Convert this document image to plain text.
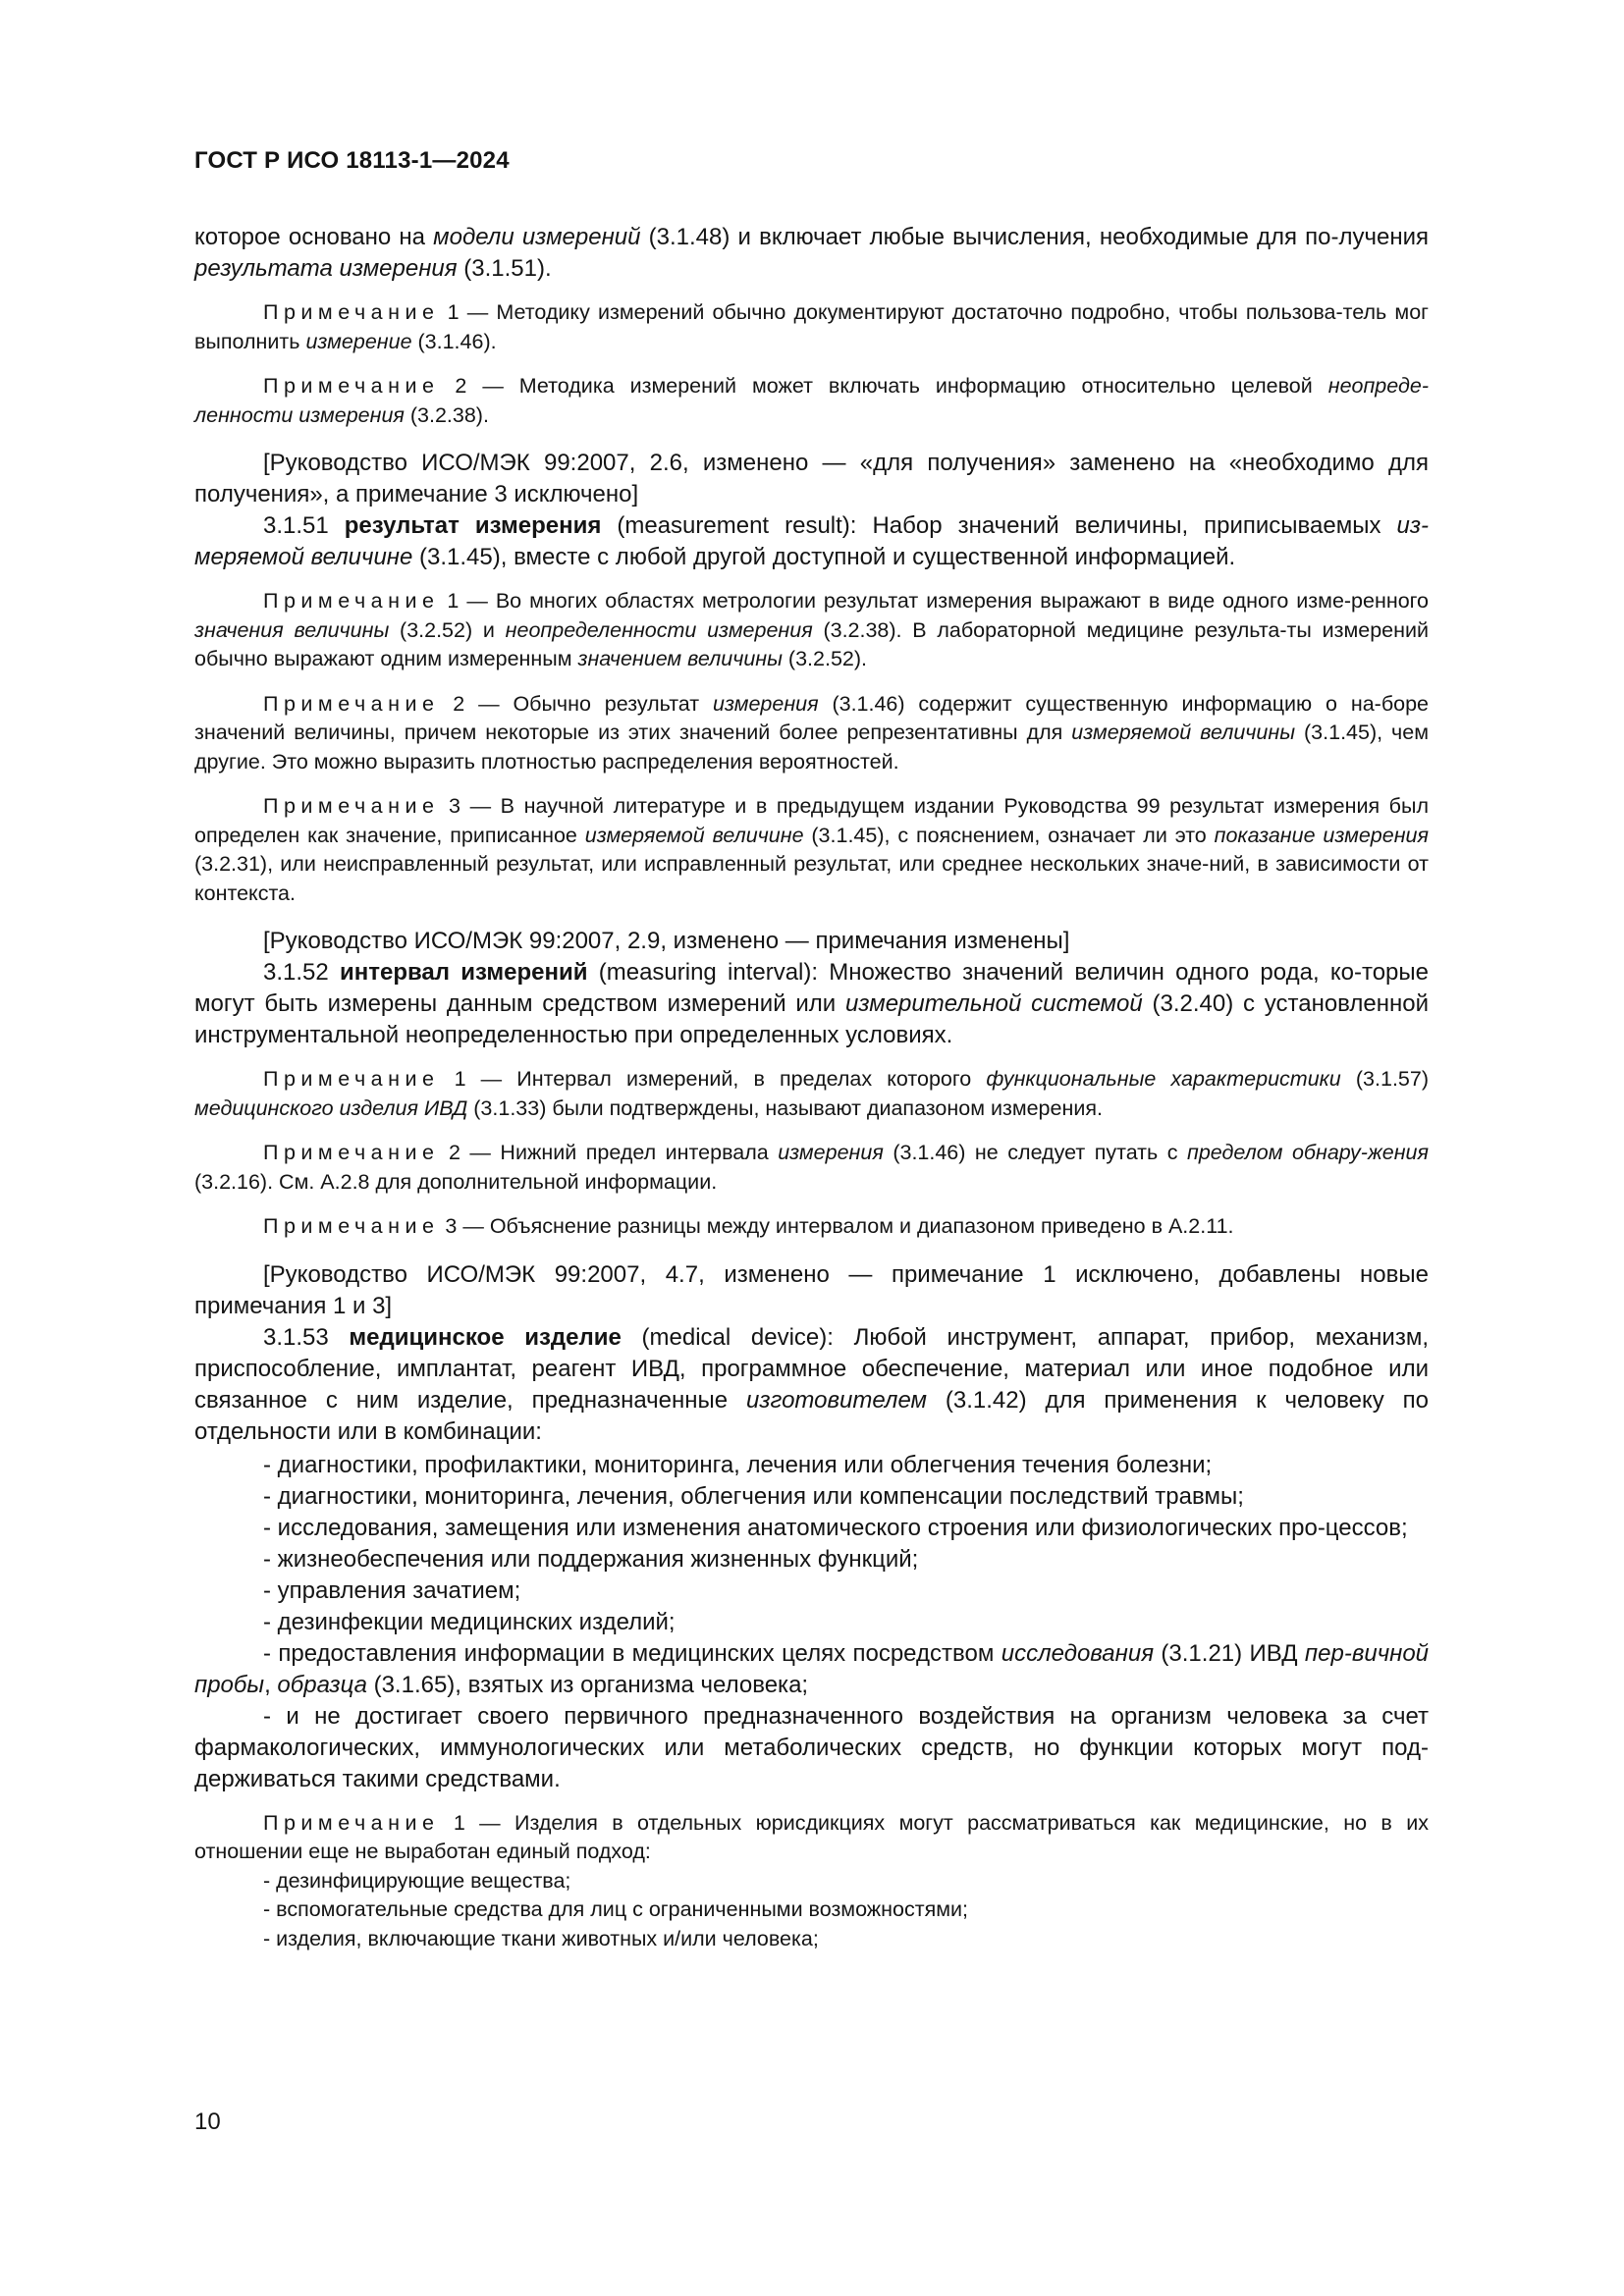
ГОСТ Р ИСО 18113-1—2024

которое основано на модели измерений (3.1.48) и включает любые вычисления, необходимые для по-лучения результата измерения (3.1.51).

Примечание 1 — Методику измерений обычно документируют достаточно подробно, чтобы пользова-тель мог выполнить измерение (3.1.46).

Примечание 2 — Методика измерений может включать информацию относительно целевой неопреде-ленности измерения (3.2.38).

[Руководство ИСО/МЭК 99:2007, 2.6, изменено — «для получения» заменено на «необходимо для получения», а примечание 3 исключено]

3.1.51 результат измерения (measurement result): Набор значений величины, приписываемых из-меряемой величине (3.1.45), вместе с любой другой доступной и существенной информацией.

Примечание 1 — Во многих областях метрологии результат измерения выражают в виде одного изме-ренного значения величины (3.2.52) и неопределенности измерения (3.2.38). В лабораторной медицине результа-ты измерений обычно выражают одним измеренным значением величины (3.2.52).

Примечание 2 — Обычно результат измерения (3.1.46) содержит существенную информацию о на-боре значений величины, причем некоторые из этих значений более репрезентативны для измеряемой величины (3.1.45), чем другие. Это можно выразить плотностью распределения вероятностей.

Примечание 3 — В научной литературе и в предыдущем издании Руководства 99 результат измерения был определен как значение, приписанное измеряемой величине (3.1.45), с пояснением, означает ли это показание измерения (3.2.31), или неисправленный результат, или исправленный результат, или среднее нескольких значе-ний, в зависимости от контекста.

[Руководство ИСО/МЭК 99:2007, 2.9, изменено — примечания изменены]

3.1.52 интервал измерений (measuring interval): Множество значений величин одного рода, ко-торые могут быть измерены данным средством измерений или измерительной системой (3.2.40) с установленной инструментальной неопределенностью при определенных условиях.

Примечание 1 — Интервал измерений, в пределах которого функциональные характеристики (3.1.57) медицинского изделия ИВД (3.1.33) были подтверждены, называют диапазоном измерения.

Примечание 2 — Нижний предел интервала измерения (3.1.46) не следует путать с пределом обнару-жения (3.2.16). См. А.2.8 для дополнительной информации.

Примечание 3 — Объяснение разницы между интервалом и диапазоном приведено в А.2.11.

[Руководство ИСО/МЭК 99:2007, 4.7, изменено — примечание 1 исключено, добавлены новые примечания 1 и 3]

3.1.53 медицинское изделие (medical device): Любой инструмент, аппарат, прибор, механизм, приспособление, имплантат, реагент ИВД, программное обеспечение, материал или иное подобное или связанное с ним изделие, предназначенные изготовителем (3.1.42) для применения к человеку по отдельности или в комбинации:

- диагностики, профилактики, мониторинга, лечения или облегчения течения болезни;

- диагностики, мониторинга, лечения, облегчения или компенсации последствий травмы;

- исследования, замещения или изменения анатомического строения или физиологических про-цессов;

- жизнеобеспечения или поддержания жизненных функций;

- управления зачатием;

- дезинфекции медицинских изделий;

- предоставления информации в медицинских целях посредством исследования (3.1.21) ИВД пер-вичной пробы, образца (3.1.65), взятых из организма человека;

- и не достигает своего первичного предназначенного воздействия на организм человека за счет фармакологических, иммунологических или метаболических средств, но функции которых могут под-держиваться такими средствами.

Примечание 1 — Изделия в отдельных юрисдикциях могут рассматриваться как медицинские, но в их отношении еще не выработан единый подход:

- дезинфицирующие вещества;

- вспомогательные средства для лиц с ограниченными возможностями;

- изделия, включающие ткани животных и/или человека;

10
